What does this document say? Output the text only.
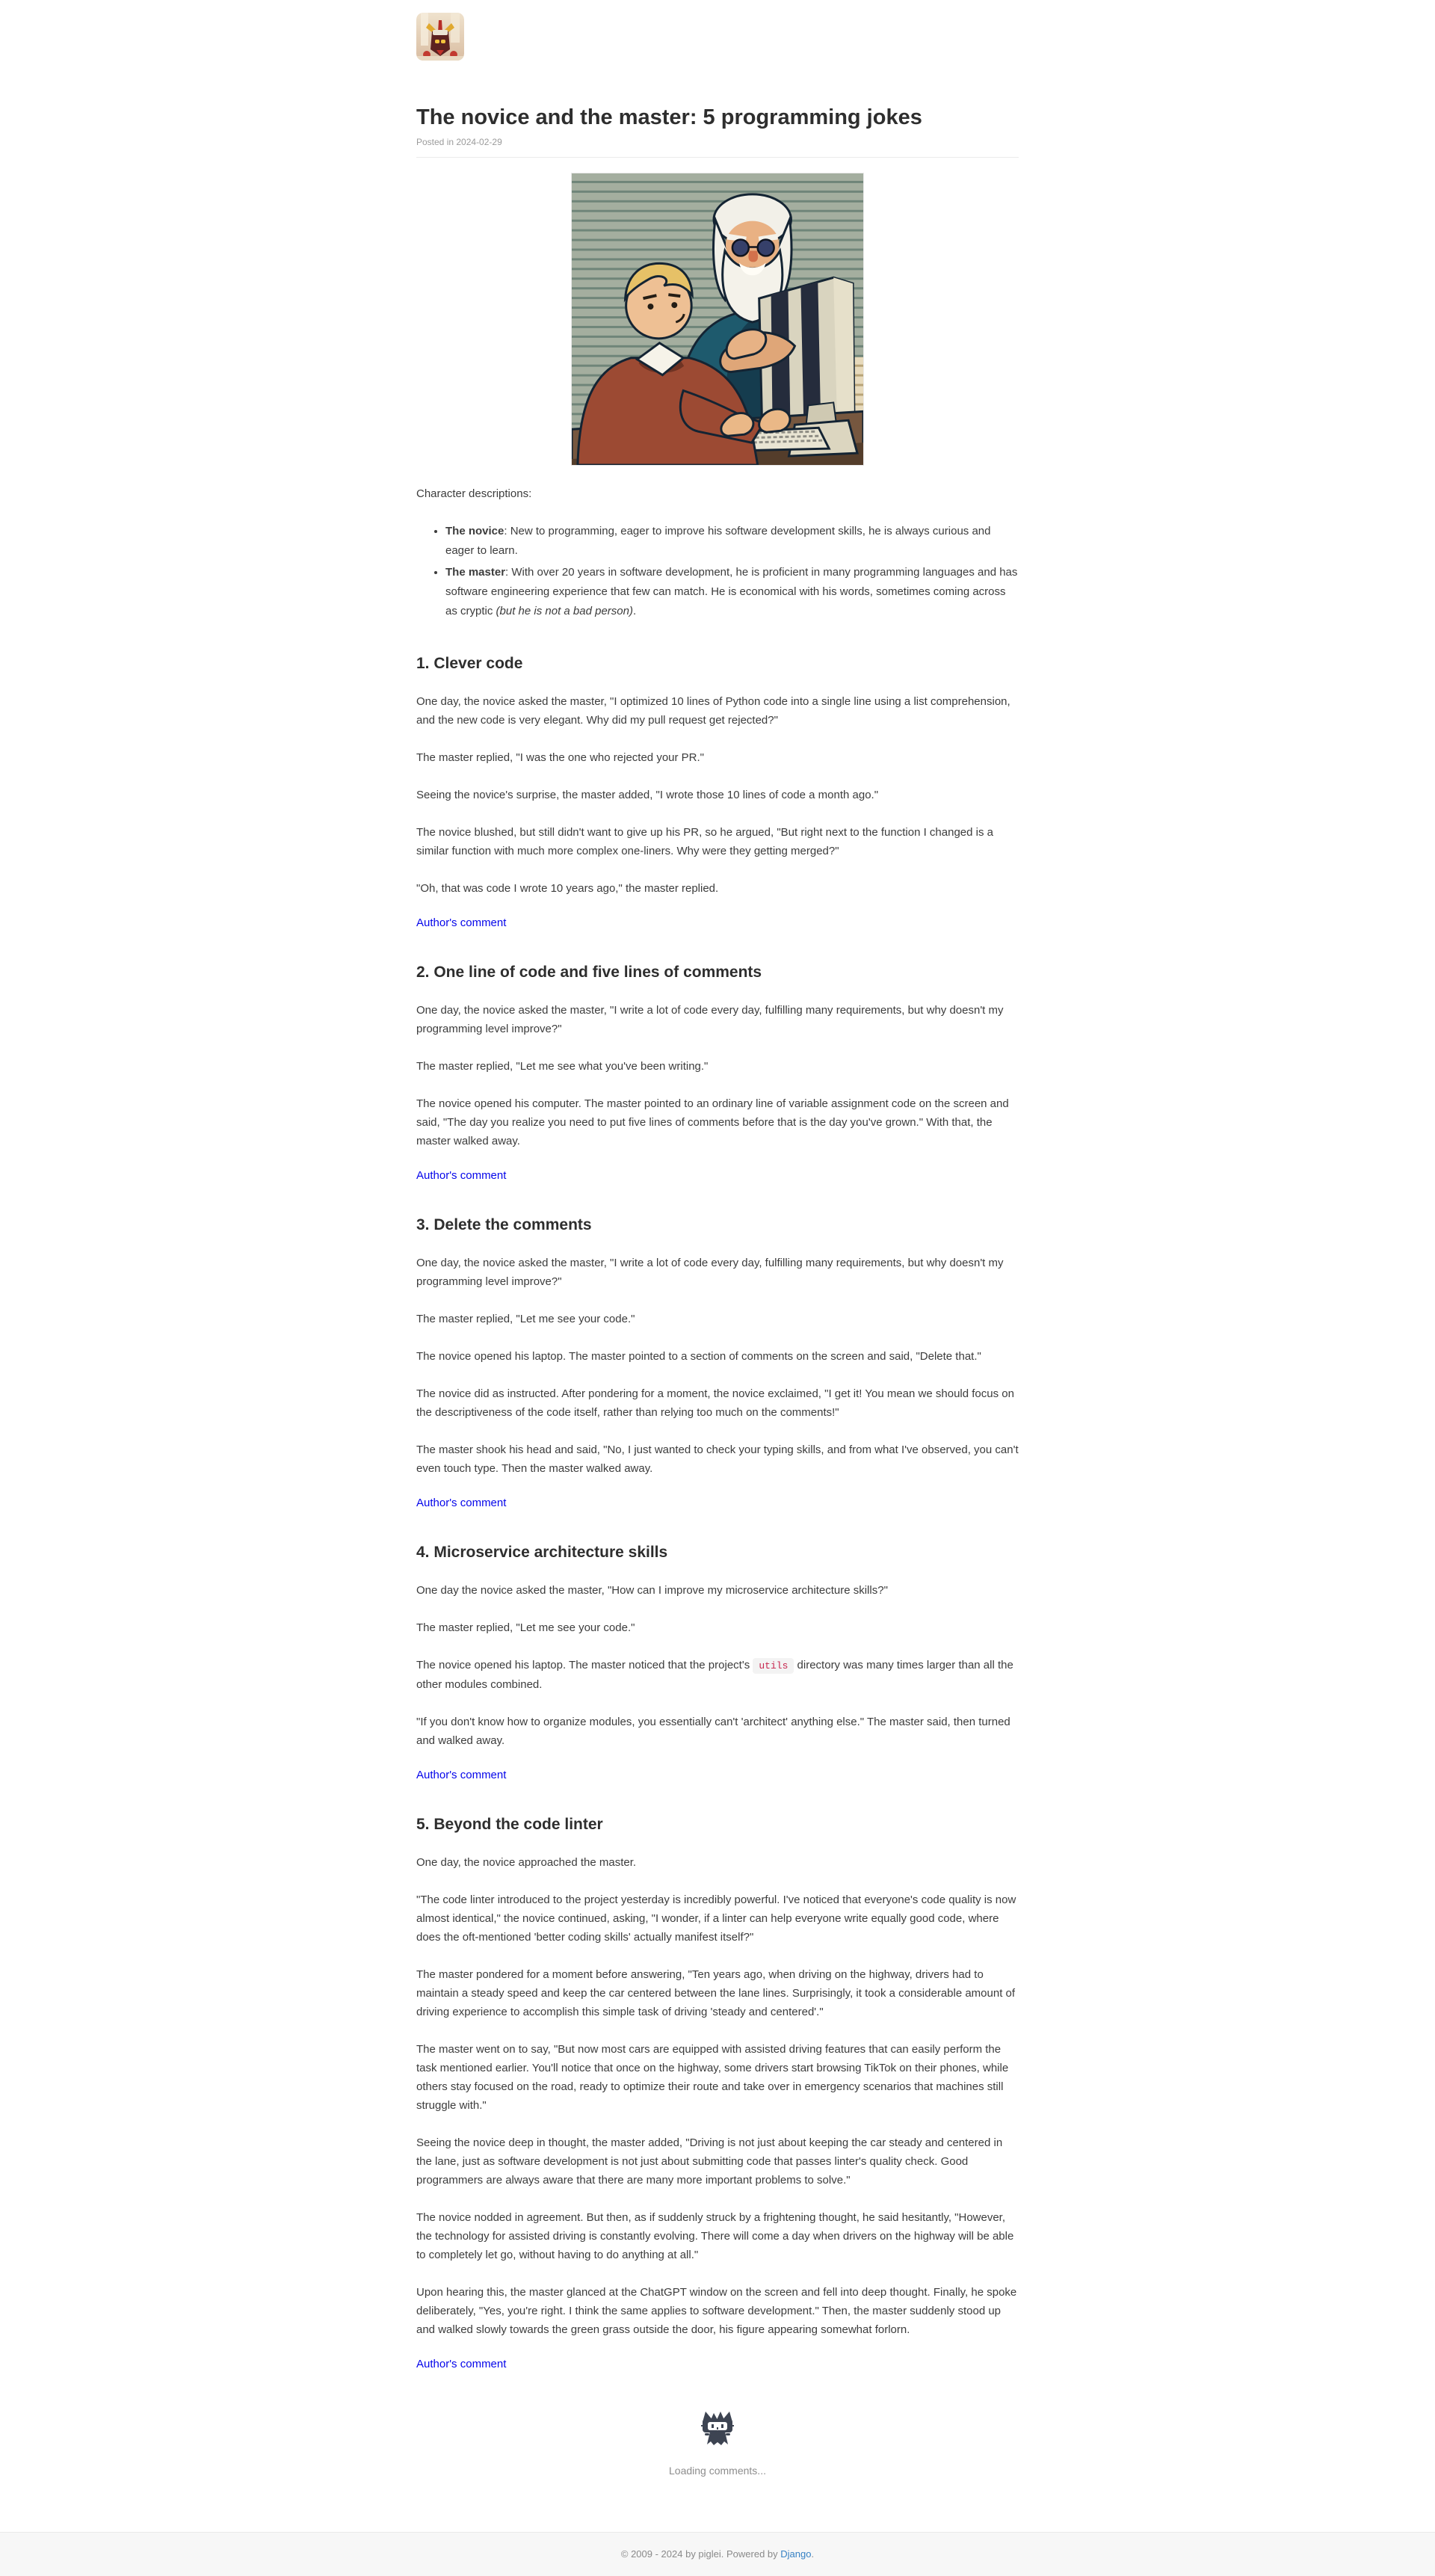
The novice and the master: 5 programming jokes
Posted in 2024-02-29

Character descriptions:

• The novice: New to programming, eager to improve his software development skills, he is always curious and eager to learn.
• The master: With over 20 years in software development, he is proficient in many programming languages and has software engineering experience that few can match. He is economical with his words, sometimes coming across as cryptic (but he is not a bad person).
1. Clever code

One day, the novice asked the master, "I optimized 10 lines of Python code into a single line using a list comprehension, and the new code is very elegant. Why did my pull request get rejected?"

The master replied, "I was the one who rejected your PR."

Seeing the novice's surprise, the master added, "I wrote those 10 lines of code a month ago."

The novice blushed, but still didn't want to give up his PR, so he argued, "But right next to the function I changed is a similar function with much more complex one-liners. Why were they getting merged?"

"Oh, that was code I wrote 10 years ago," the master replied.

Author's comment
2. One line of code and five lines of comments

One day, the novice asked the master, "I write a lot of code every day, fulfilling many requirements, but why doesn't my programming level improve?"

The master replied, "Let me see what you've been writing."

The novice opened his computer. The master pointed to an ordinary line of variable assignment code on the screen and said, "The day you realize you need to put five lines of comments before that is the day you've grown." With that, the master walked away.

Author's comment
3. Delete the comments

One day, the novice asked the master, "I write a lot of code every day, fulfilling many requirements, but why doesn't my programming level improve?"

The master replied, "Let me see your code."

The novice opened his laptop. The master pointed to a section of comments on the screen and said, "Delete that."

The novice did as instructed. After pondering for a moment, the novice exclaimed, "I get it! You mean we should focus on the descriptiveness of the code itself, rather than relying too much on the comments!"

The master shook his head and said, "No, I just wanted to check your typing skills, and from what I've observed, you can't even touch type. Then the master walked away.

Author's comment
4. Microservice architecture skills

One day the novice asked the master, "How can I improve my microservice architecture skills?"

The master replied, "Let me see your code."

The novice opened his laptop. The master noticed that the project's utils directory was many times larger than all the other modules combined.

"If you don't know how to organize modules, you essentially can't 'architect' anything else." The master said, then turned and walked away.

Author's comment
5. Beyond the code linter

One day, the novice approached the master.

"The code linter introduced to the project yesterday is incredibly powerful. I've noticed that everyone's code quality is now almost identical," the novice continued, asking, "I wonder, if a linter can help everyone write equally good code, where does the oft-mentioned 'better coding skills' actually manifest itself?"

The master pondered for a moment before answering, "Ten years ago, when driving on the highway, drivers had to maintain a steady speed and keep the car centered between the lane lines. Surprisingly, it took a considerable amount of driving experience to accomplish this simple task of driving 'steady and centered'."

The master went on to say, "But now most cars are equipped with assisted driving features that can easily perform the task mentioned earlier. You'll notice that once on the highway, some drivers start browsing TikTok on their phones, while others stay focused on the road, ready to optimize their route and take over in emergency scenarios that machines still struggle with."

Seeing the novice deep in thought, the master added, "Driving is not just about keeping the car steady and centered in the lane, just as software development is not just about submitting code that passes linter's quality check. Good programmers are always aware that there are many more important problems to solve."

The novice nodded in agreement. But then, as if suddenly struck by a frightening thought, he said hesitantly, "However, the technology for assisted driving is constantly evolving. There will come a day when drivers on the highway will be able to completely let go, without having to do anything at all."

Upon hearing this, the master glanced at the ChatGPT window on the screen and fell into deep thought. Finally, he spoke deliberately, "Yes, you're right. I think the same applies to software development." Then, the master suddenly stood up and walked slowly towards the green grass outside the door, his figure appearing somewhat forlorn.

Author's comment
Loading comments...
© 2009 - 2024 by piglei. Powered by Django.
